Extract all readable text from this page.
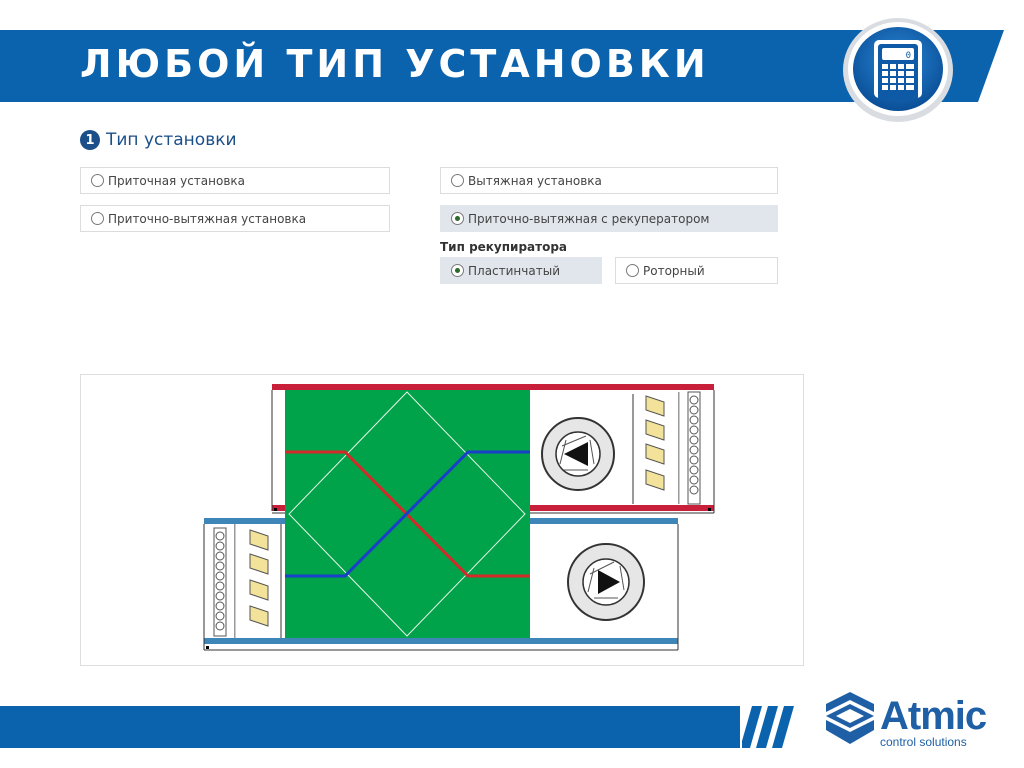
ЛЮБОЙ ТИП УСТАНОВКИ	0
1 Тип установки
Приточная установка	Вытяжная установка
Приточно-вытяжная установка	Приточно-вытяжная с рекуператором
Тип рекупиратора
Пластинчатый	Роторный
Atmic
control solutions
